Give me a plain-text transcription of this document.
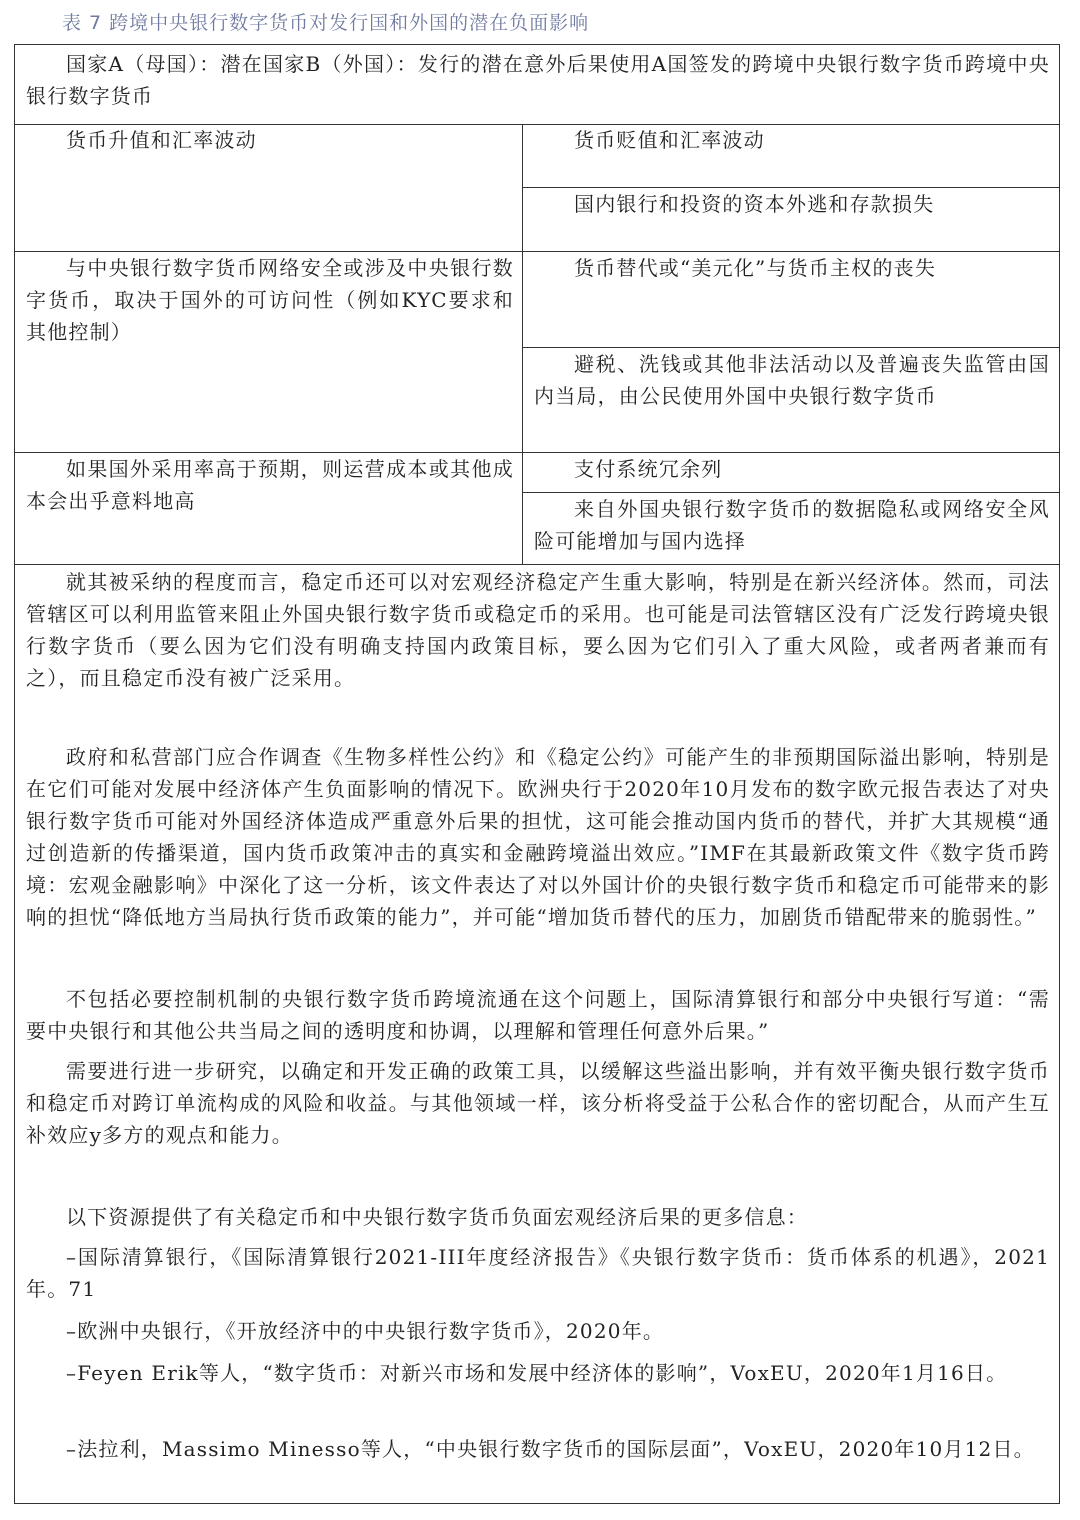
表 7 跨境中央银行数字货币对发行国和外国的潜在负面影响

国家A（母国）：潜在国家B（外国）：发行的潜在意外后果使用A国签发的跨境中央银行数字货币跨境中央银行数字货币

货币升值和汇率波动

与中央银行数字货币网络安全或涉及中央银行数字货币，取决于国外的可访问性（例如KYC要求和其他控制）

如果国外采用率高于预期，则运营成本或其他成本会出乎意料地高

货币贬值和汇率波动

国内银行和投资的资本外逃和存款损失

货币替代或“美元化”与货币主权的丧失

避税、洗钱或其他非法活动以及普遍丧失监管由国内当局，由公民使用外国中央银行数字货币

支付系统冗余列

来自外国央银行数字货币的数据隐私或网络安全风险可能增加与国内选择

就其被采纳的程度而言，稳定币还可以对宏观经济稳定产生重大影响，特别是在新兴经济体。然而，司法管辖区可以利用监管来阻止外国央银行数字货币或稳定币的采用。也可能是司法管辖区没有广泛发行跨境央银行数字货币（要么因为它们没有明确支持国内政策目标，要么因为它们引入了重大风险，或者两者兼而有之），而且稳定币没有被广泛采用。

政府和私营部门应合作调查《生物多样性公约》和《稳定公约》可能产生的非预期国际溢出影响，特别是在它们可能对发展中经济体产生负面影响的情况下。欧洲央行于2020年10月发布的数字欧元报告表达了对央银行数字货币可能对外国经济体造成严重意外后果的担忧，这可能会推动国内货币的替代，并扩大其规模“通过创造新的传播渠道，国内货币政策冲击的真实和金融跨境溢出效应。”IMF在其最新政策文件《数字货币跨境：宏观金融影响》中深化了这一分析，该文件表达了对以外国计价的央银行数字货币和稳定币可能带来的影响的担忧“降低地方当局执行货币政策的能力”，并可能“增加货币替代的压力，加剧货币错配带来的脆弱性。”

不包括必要控制机制的央银行数字货币跨境流通在这个问题上，国际清算银行和部分中央银行写道：“需要中央银行和其他公共当局之间的透明度和协调，以理解和管理任何意外后果。”

需要进行进一步研究，以确定和开发正确的政策工具，以缓解这些溢出影响，并有效平衡央银行数字货币和稳定币对跨订单流构成的风险和收益。与其他领域一样，该分析将受益于公私合作的密切配合，从而产生互补效应y多方的观点和能力。

以下资源提供了有关稳定币和中央银行数字货币负面宏观经济后果的更多信息：

–国际清算银行，《国际清算银行2021-III年度经济报告》《央银行数字货币：货币体系的机遇》，2021年。71

–欧洲中央银行，《开放经济中的中央银行数字货币》，2020年。

–Feyen Erik等人，“数字货币：对新兴市场和发展中经济体的影响”，VoxEU，2020年1月16日。

–法拉利，Massimo Minesso等人，“中央银行数字货币的国际层面”，VoxEU，2020年10月12日。
